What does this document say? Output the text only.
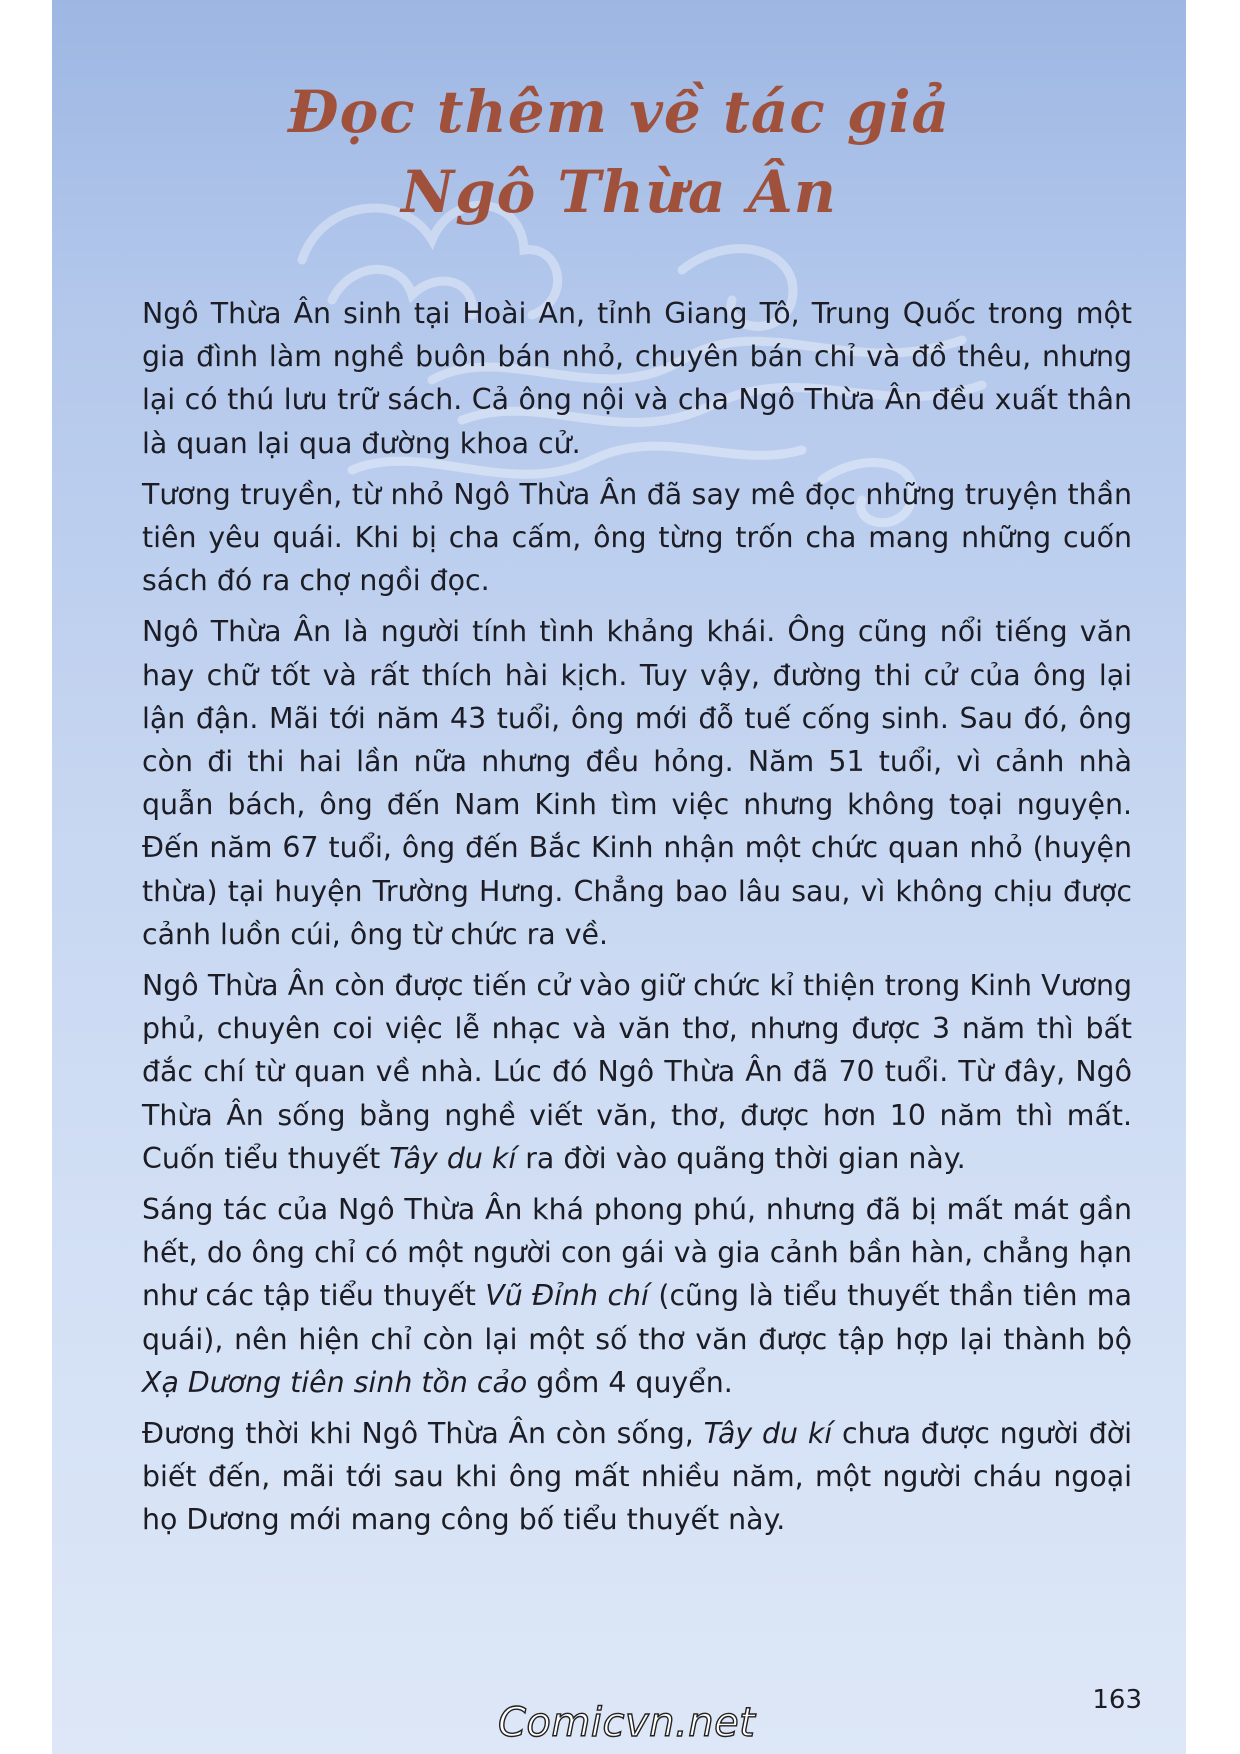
Đọc thêm về tác giả
Ngô Thừa Ân

Ngô Thừa Ân sinh tại Hoài An, tỉnh Giang Tô, Trung Quốc trong một gia đình làm nghề buôn bán nhỏ, chuyên bán chỉ và đồ thêu, nhưng lại có thú lưu trữ sách. Cả ông nội và cha Ngô Thừa Ân đều xuất thân là quan lại qua đường khoa cử.

Tương truyền, từ nhỏ Ngô Thừa Ân đã say mê đọc những truyện thần tiên yêu quái. Khi bị cha cấm, ông từng trốn cha mang những cuốn sách đó ra chợ ngồi đọc.

Ngô Thừa Ân là người tính tình khảng khái. Ông cũng nổi tiếng văn hay chữ tốt và rất thích hài kịch. Tuy vậy, đường thi cử của ông lại lận đận. Mãi tới năm 43 tuổi, ông mới đỗ tuế cống sinh. Sau đó, ông còn đi thi hai lần nữa nhưng đều hỏng. Năm 51 tuổi, vì cảnh nhà quẫn bách, ông đến Nam Kinh tìm việc nhưng không toại nguyện. Đến năm 67 tuổi, ông đến Bắc Kinh nhận một chức quan nhỏ (huyện thừa) tại huyện Trường Hưng. Chẳng bao lâu sau, vì không chịu được cảnh luồn cúi, ông từ chức ra về.

Ngô Thừa Ân còn được tiến cử vào giữ chức kỉ thiện trong Kinh Vương phủ, chuyên coi việc lễ nhạc và văn thơ, nhưng được 3 năm thì bất đắc chí từ quan về nhà. Lúc đó Ngô Thừa Ân đã 70 tuổi. Từ đây, Ngô Thừa Ân sống bằng nghề viết văn, thơ, được hơn 10 năm thì mất. Cuốn tiểu thuyết Tây du kí ra đời vào quãng thời gian này.

Sáng tác của Ngô Thừa Ân khá phong phú, nhưng đã bị mất mát gần hết, do ông chỉ có một người con gái và gia cảnh bần hàn, chẳng hạn như các tập tiểu thuyết Vũ Đỉnh chí (cũng là tiểu thuyết thần tiên ma quái), nên hiện chỉ còn lại một số thơ văn được tập hợp lại thành bộ Xạ Dương tiên sinh tồn cảo gồm 4 quyển.

Đương thời khi Ngô Thừa Ân còn sống, Tây du kí chưa được người đời biết đến, mãi tới sau khi ông mất nhiều năm, một người cháu ngoại họ Dương mới mang công bố tiểu thuyết này.

163
Comicvn.net
